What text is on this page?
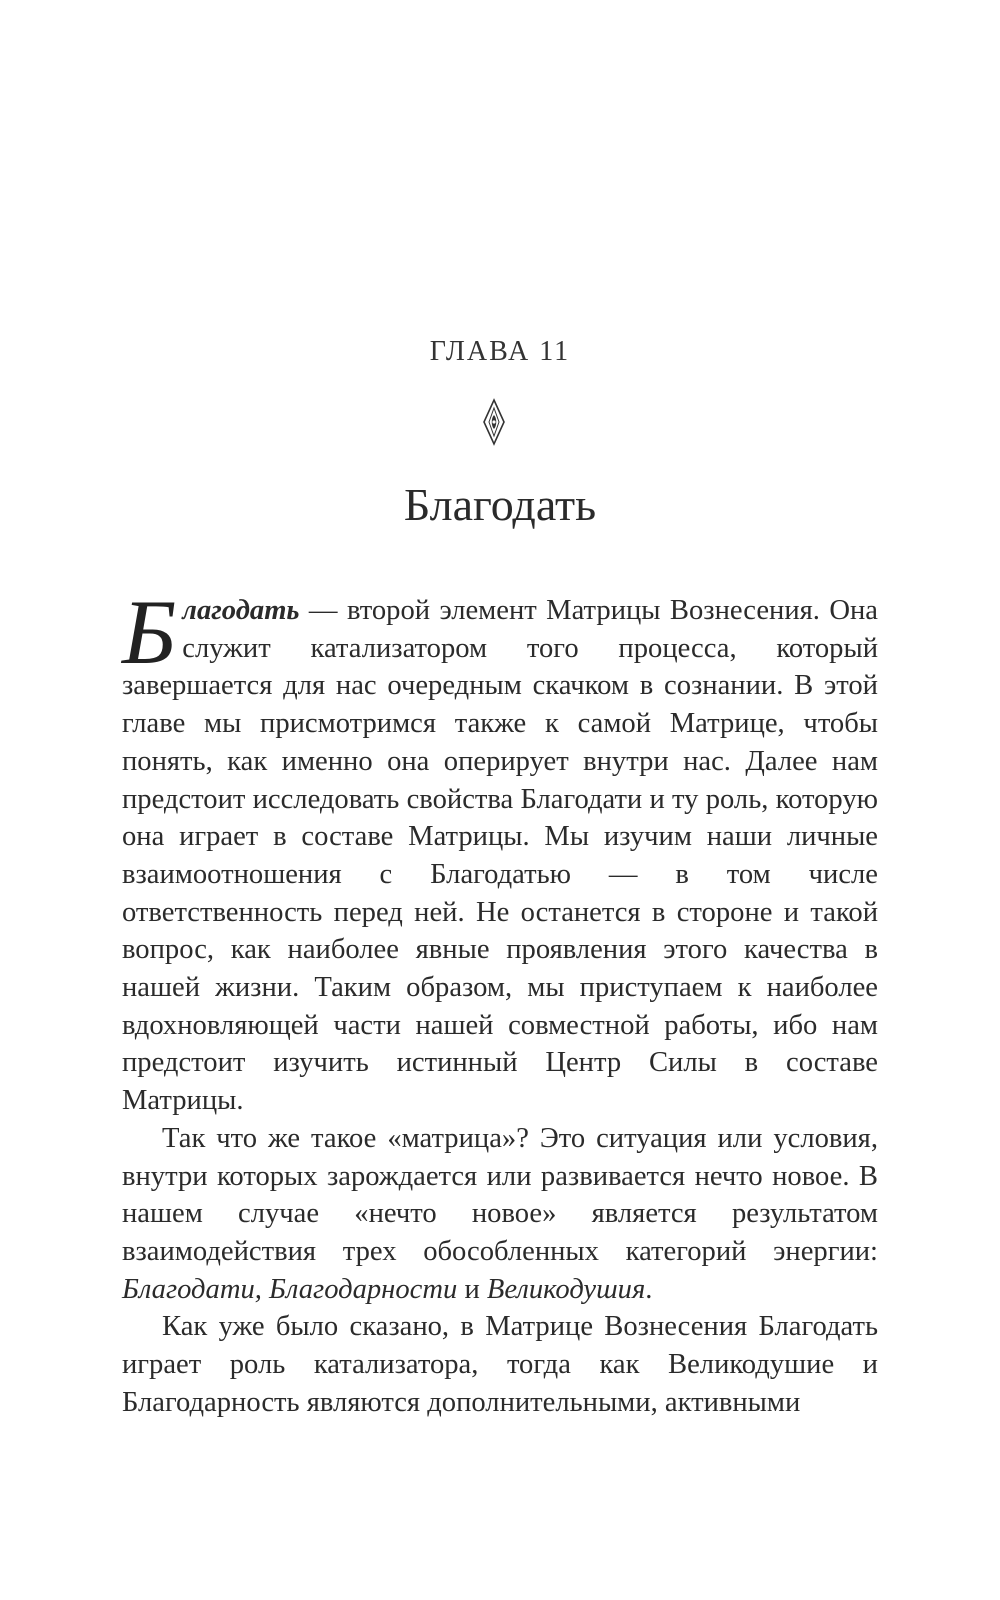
ГЛАВА 11
Благодать

Благодать — второй элемент Матрицы Вознесения. Она служит катализатором того процесса, который завершается для нас очередным скачком в сознании. В этой главе мы присмотримся также к самой Матрице, чтобы понять, как именно она оперирует внутри нас. Далее нам предстоит исследовать свойства Благодати и ту роль, которую она играет в составе Матрицы. Мы изучим наши личные взаимоотношения с Благодатью — в том числе ответственность перед ней. Не останется в стороне и такой вопрос, как наиболее явные проявления этого качества в нашей жизни. Таким образом, мы приступаем к наиболее вдохновляющей части нашей совместной работы, ибо нам предстоит изучить истинный Центр Силы в составе Матрицы.

Так что же такое «матрица»? Это ситуация или условия, внутри которых зарождается или развивается нечто новое. В нашем случае «нечто новое» является результатом взаимодействия трех обособленных категорий энергии: Благодати, Благодарности и Великодушия.

Как уже было сказано, в Матрице Вознесения Благодать играет роль катализатора, тогда как Великодушие и Благодарность являются дополнительными, активными
